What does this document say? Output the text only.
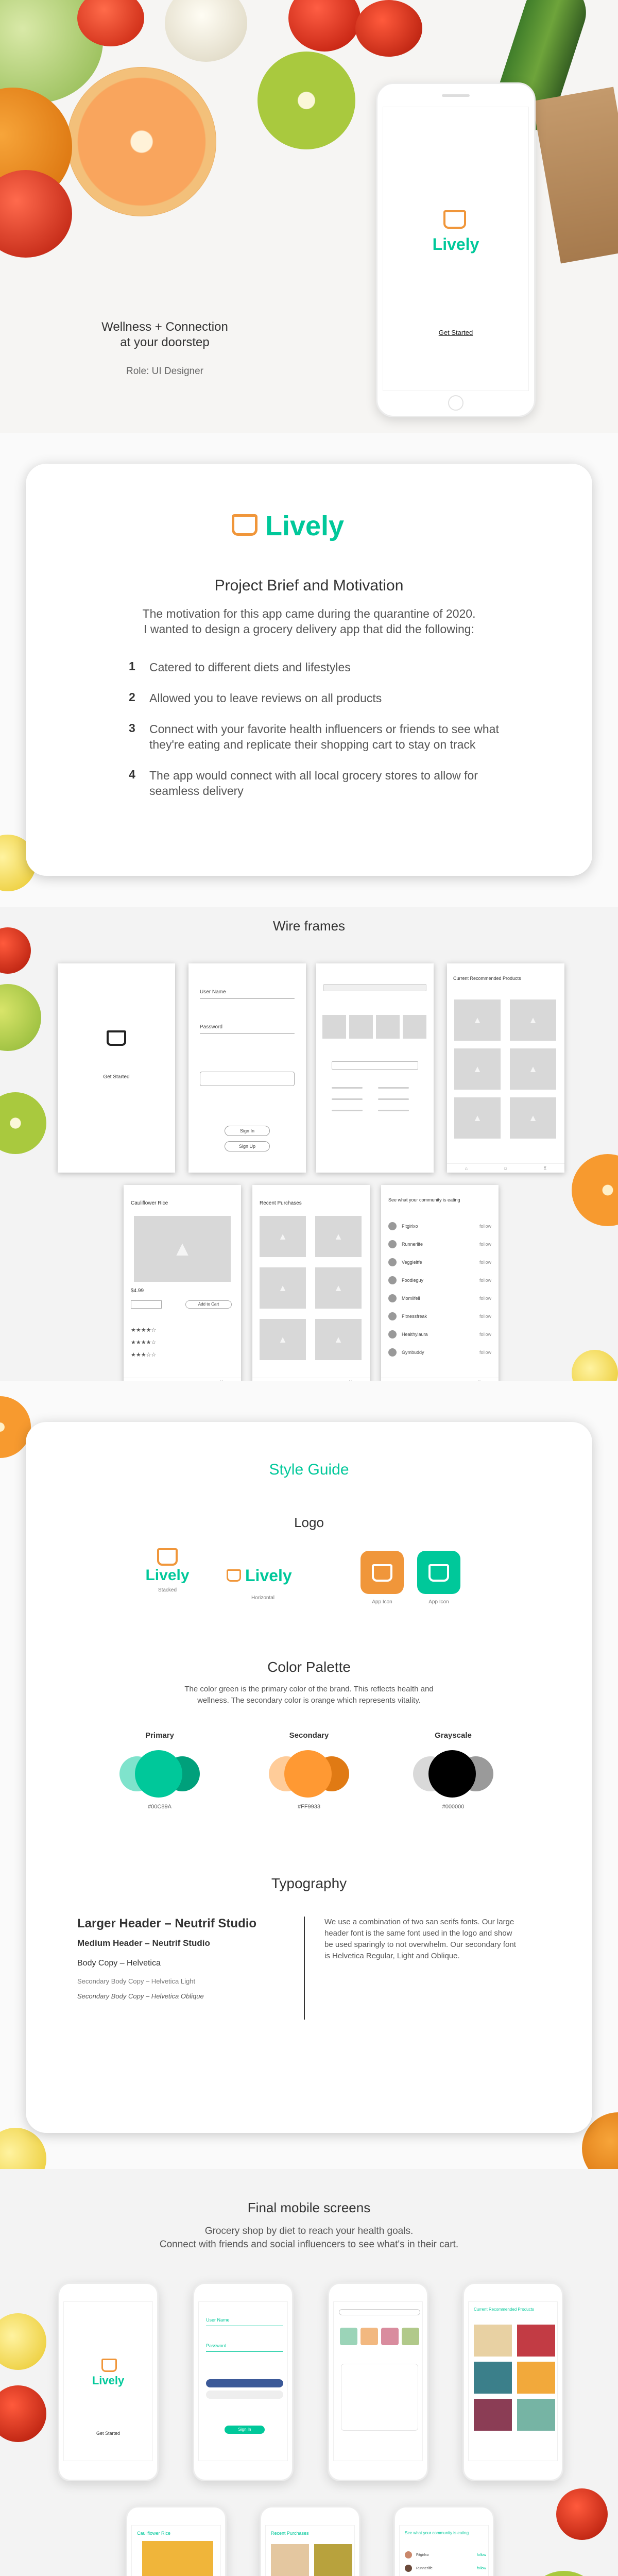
Wellness + Connection
at your doorstep
Role: UI Designer
Lively
Get Started
Lively
Project Brief and Motivation
The motivation for this app came during the quarantine of 2020.
I wanted to design a grocery delivery app that did the following:
1	Catered to different diets and lifestyles
2	Allowed you to leave reviews on all products
3	Connect with your favorite health influencers or friends to see what they're eating and replicate their shopping cart to stay on track
4	The app would connect with all local grocery stores to allow for seamless delivery
Wire frames
Get Started
User Name
Password
Sign In
Sign Up
Current Recommended Products
▲	▲
▲	▲
▲	▲
⌂	☺	⊻
Cauliflower Rice
▲
$4.99
Add to Cart
★★★★☆
★★★★☆
★★★☆☆
Recent Purchases
▲	▲
▲	▲
▲	▲
See what your community is eating
Fitgirlxo	follow
Runnerlife	follow
Veggieltfe	follow
Foodieguy	follow
Momlifeli	follow
Fitnessfreak	follow
Healthylaura	follow
Gymbuddy	follow
Style Guide
Logo
Lively
Stacked
Lively
Horizontal
App Icon	App Icon
Color Palette
The color green is the primary color of the brand. This reflects health and
wellness. The secondary color is orange which represents vitality.
Primary
#00C89A
Secondary
#FF9933
Grayscale
#000000
Typography
Larger Header – Neutrif Studio
Medium Header – Neutrif Studio
Body Copy – Helvetica
Secondary Body Copy – Helvetica Light
Secondary Body Copy – Helvetica Oblique
We use a combination of two san serifs fonts. Our large header font is the same font used in the logo and show be used sparingly to not overwhelm. Our secondary font is Helvetica Regular, Light and Oblique.
Final mobile screens
Grocery shop by diet to reach your health goals.
Connect with friends and social influencers to see what's in their cart.
Lively
Get Started
User Name
Password
Sign In
Current Recommended Products
Cauliflower Rice	Recent Purchases	See what your community is eating
Fitgirlxo	follow
Runnerlife	follow
